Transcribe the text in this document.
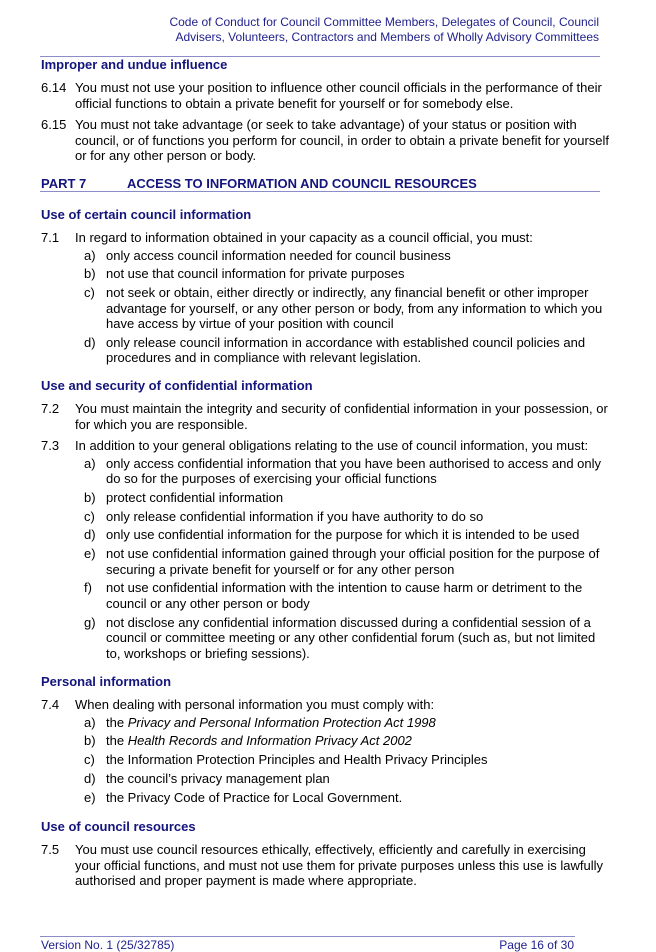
Code of Conduct for Council Committee Members, Delegates of Council, Council
Advisers, Volunteers, Contractors and Members of Wholly Advisory Committees
Improper and undue influence
6.14 You must not use your position to influence other council officials in the performance of their official functions to obtain a private benefit for yourself or for somebody else.
6.15 You must not take advantage (or seek to take advantage) of your status or position with council, or of functions you perform for council, in order to obtain a private benefit for yourself or for any other person or body.
PART 7	ACCESS TO INFORMATION AND COUNCIL RESOURCES
Use of certain council information
7.1 In regard to information obtained in your capacity as a council official, you must:
a) only access council information needed for council business
b) not use that council information for private purposes
c) not seek or obtain, either directly or indirectly, any financial benefit or other improper advantage for yourself, or any other person or body, from any information to which you have access by virtue of your position with council
d) only release council information in accordance with established council policies and procedures and in compliance with relevant legislation.
Use and security of confidential information
7.2 You must maintain the integrity and security of confidential information in your possession, or for which you are responsible.
7.3 In addition to your general obligations relating to the use of council information, you must:
a) only access confidential information that you have been authorised to access and only do so for the purposes of exercising your official functions
b) protect confidential information
c) only release confidential information if you have authority to do so
d) only use confidential information for the purpose for which it is intended to be used
e) not use confidential information gained through your official position for the purpose of securing a private benefit for yourself or for any other person
f) not use confidential information with the intention to cause harm or detriment to the council or any other person or body
g) not disclose any confidential information discussed during a confidential session of a council or committee meeting or any other confidential forum (such as, but not limited to, workshops or briefing sessions).
Personal information
7.4 When dealing with personal information you must comply with:
a) the Privacy and Personal Information Protection Act 1998
b) the Health Records and Information Privacy Act 2002
c) the Information Protection Principles and Health Privacy Principles
d) the council’s privacy management plan
e) the Privacy Code of Practice for Local Government.
Use of council resources
7.5 You must use council resources ethically, effectively, efficiently and carefully in exercising your official functions, and must not use them for private purposes unless this use is lawfully authorised and proper payment is made where appropriate.
Version No. 1 (25/32785)	Page 16 of 30
